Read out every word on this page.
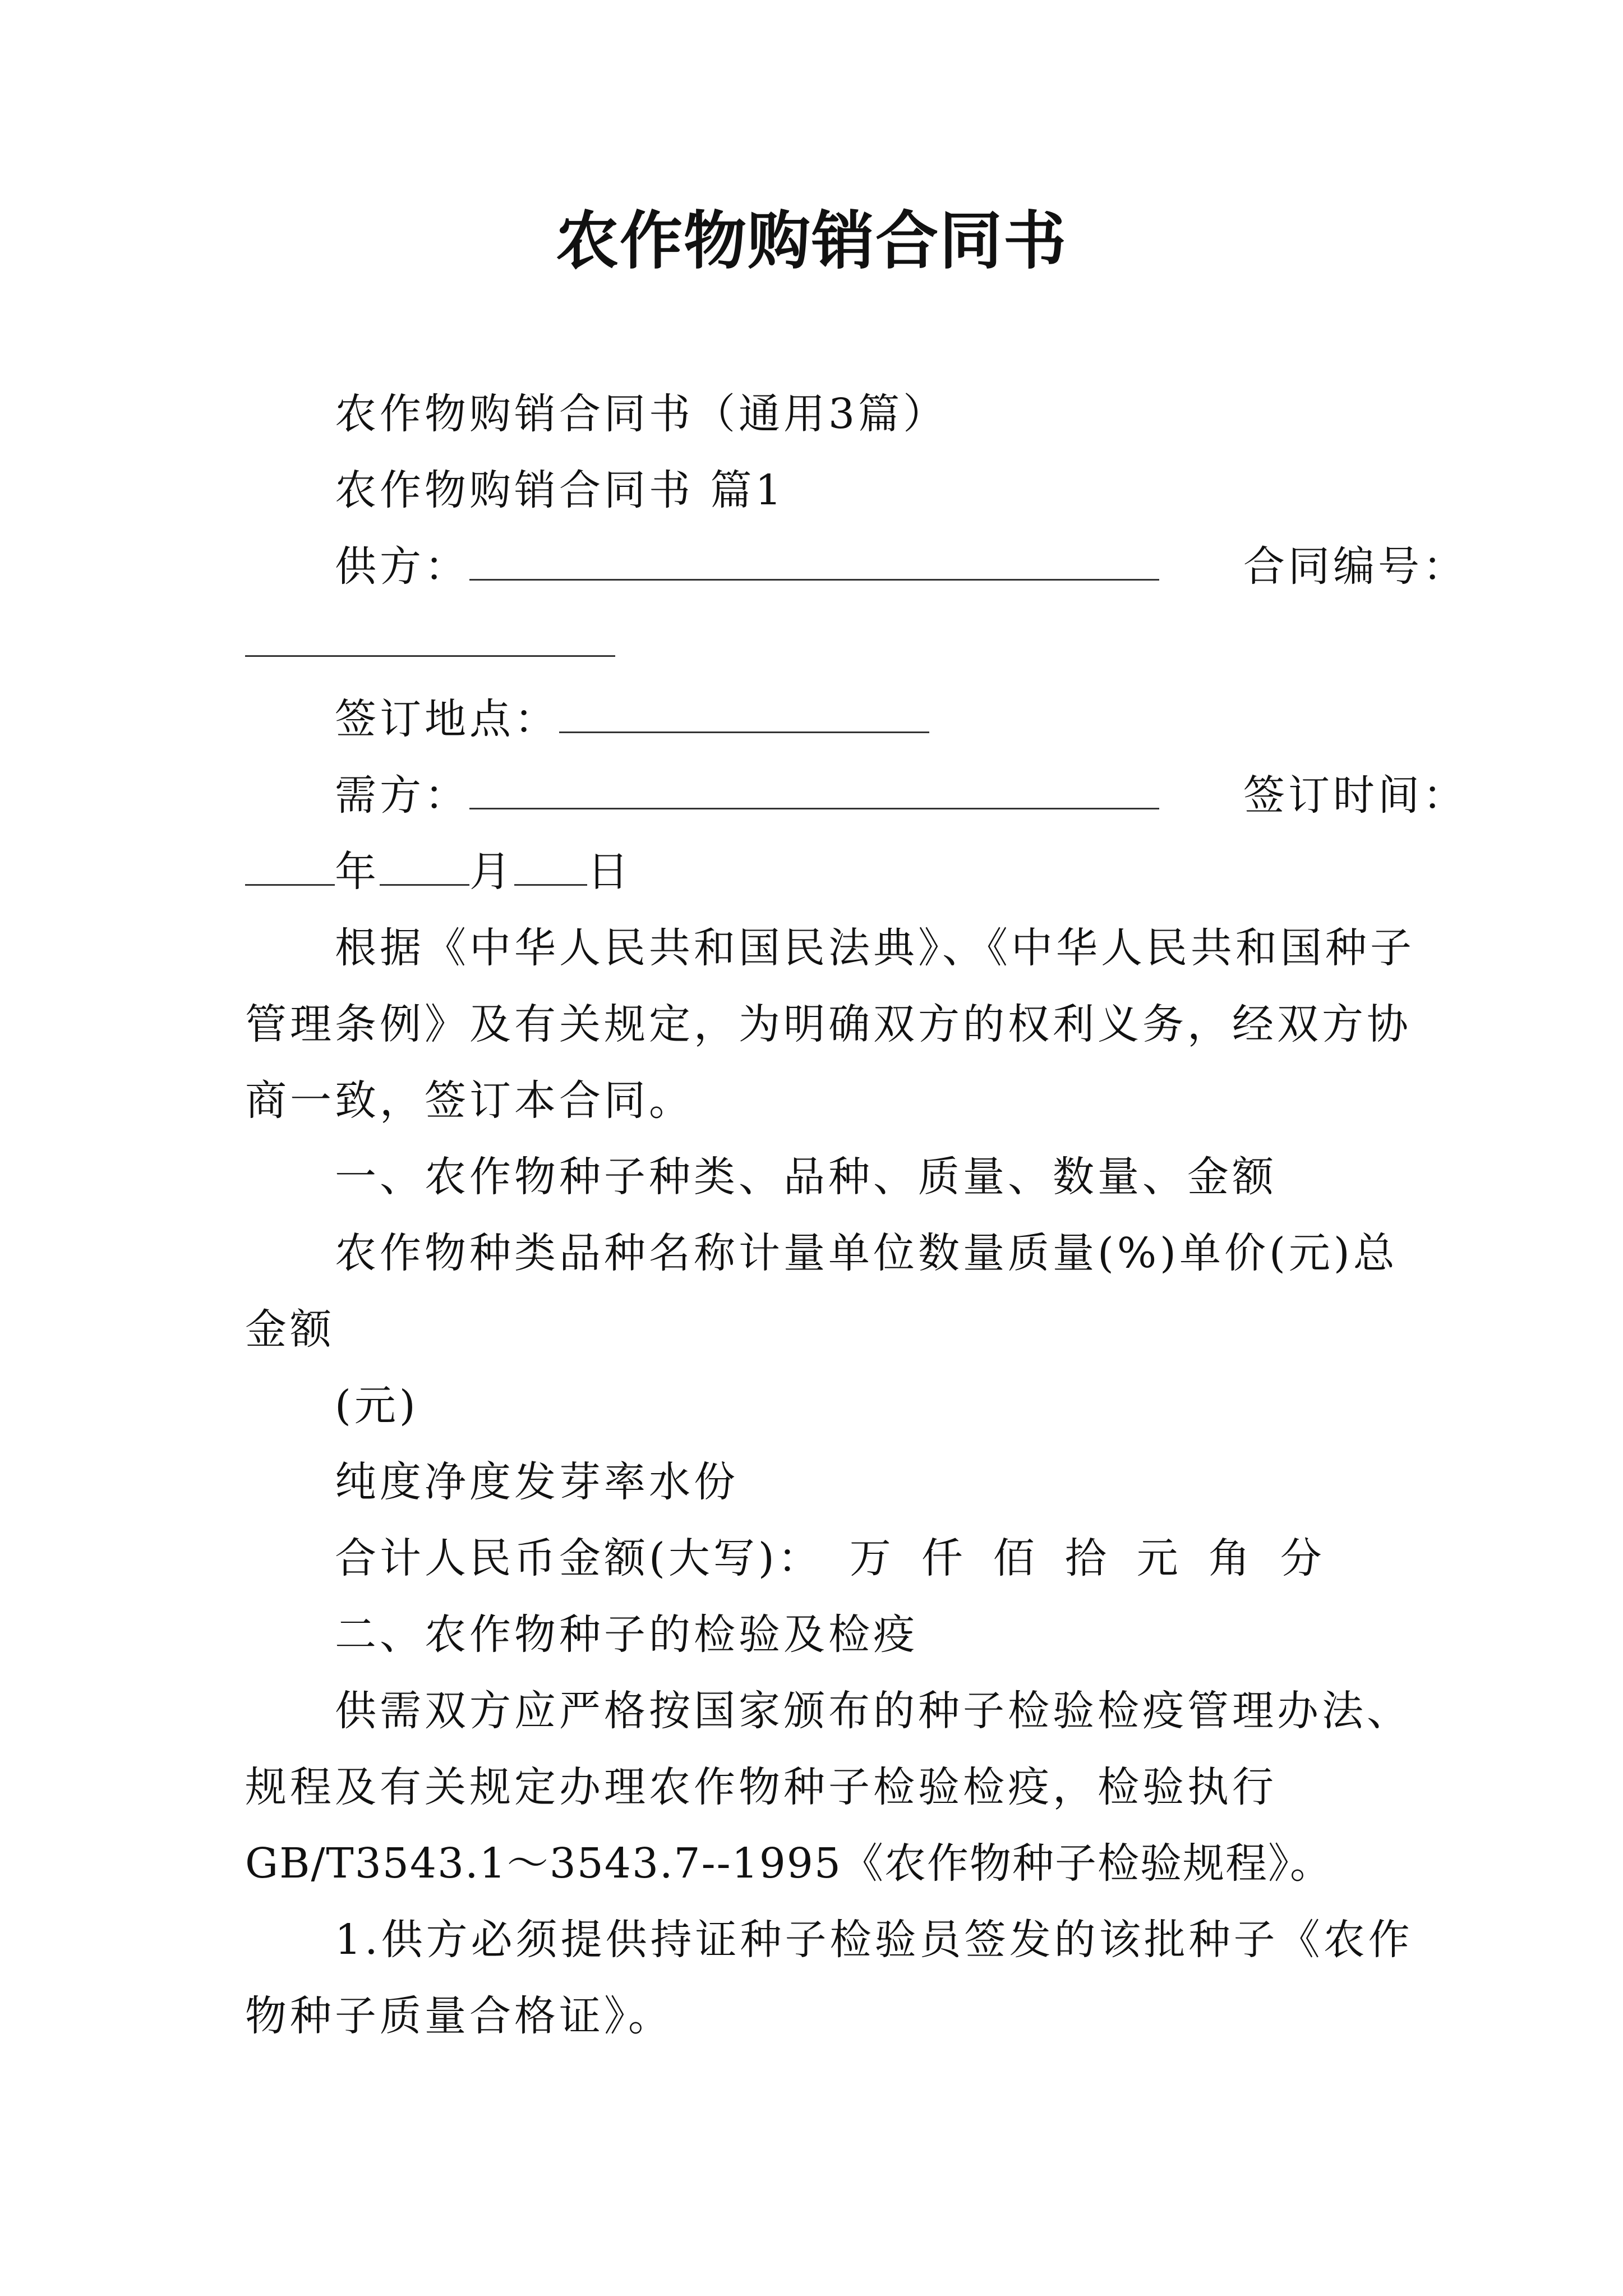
农作物购销合同书
农作物购销合同书（通用3篇）
农作物购销合同书 篇1
供方：	合同编号：
签订地点：
需方：	签订时间：
年 月 日
根据《中华人民共和国民法典》、《中华人民共和国种子
管理条例》及有关规定，为明确双方的权利义务，经双方协
商一致，签订本合同。
一、农作物种子种类、品种、质量、数量、金额
农作物种类品种名称计量单位数量质量(%)单价(元)总
金额
(元)
纯度净度发芽率水份
合计人民币金额(大写)： 万 仟 佰 拾 元 角 分
二、农作物种子的检验及检疫
供需双方应严格按国家颁布的种子检验检疫管理办法、
规程及有关规定办理农作物种子检验检疫，检验执行
GB/T3543.1～3543.7--1995《农作物种子检验规程》。
1.供方必须提供持证种子检验员签发的该批种子《农作
物种子质量合格证》。
